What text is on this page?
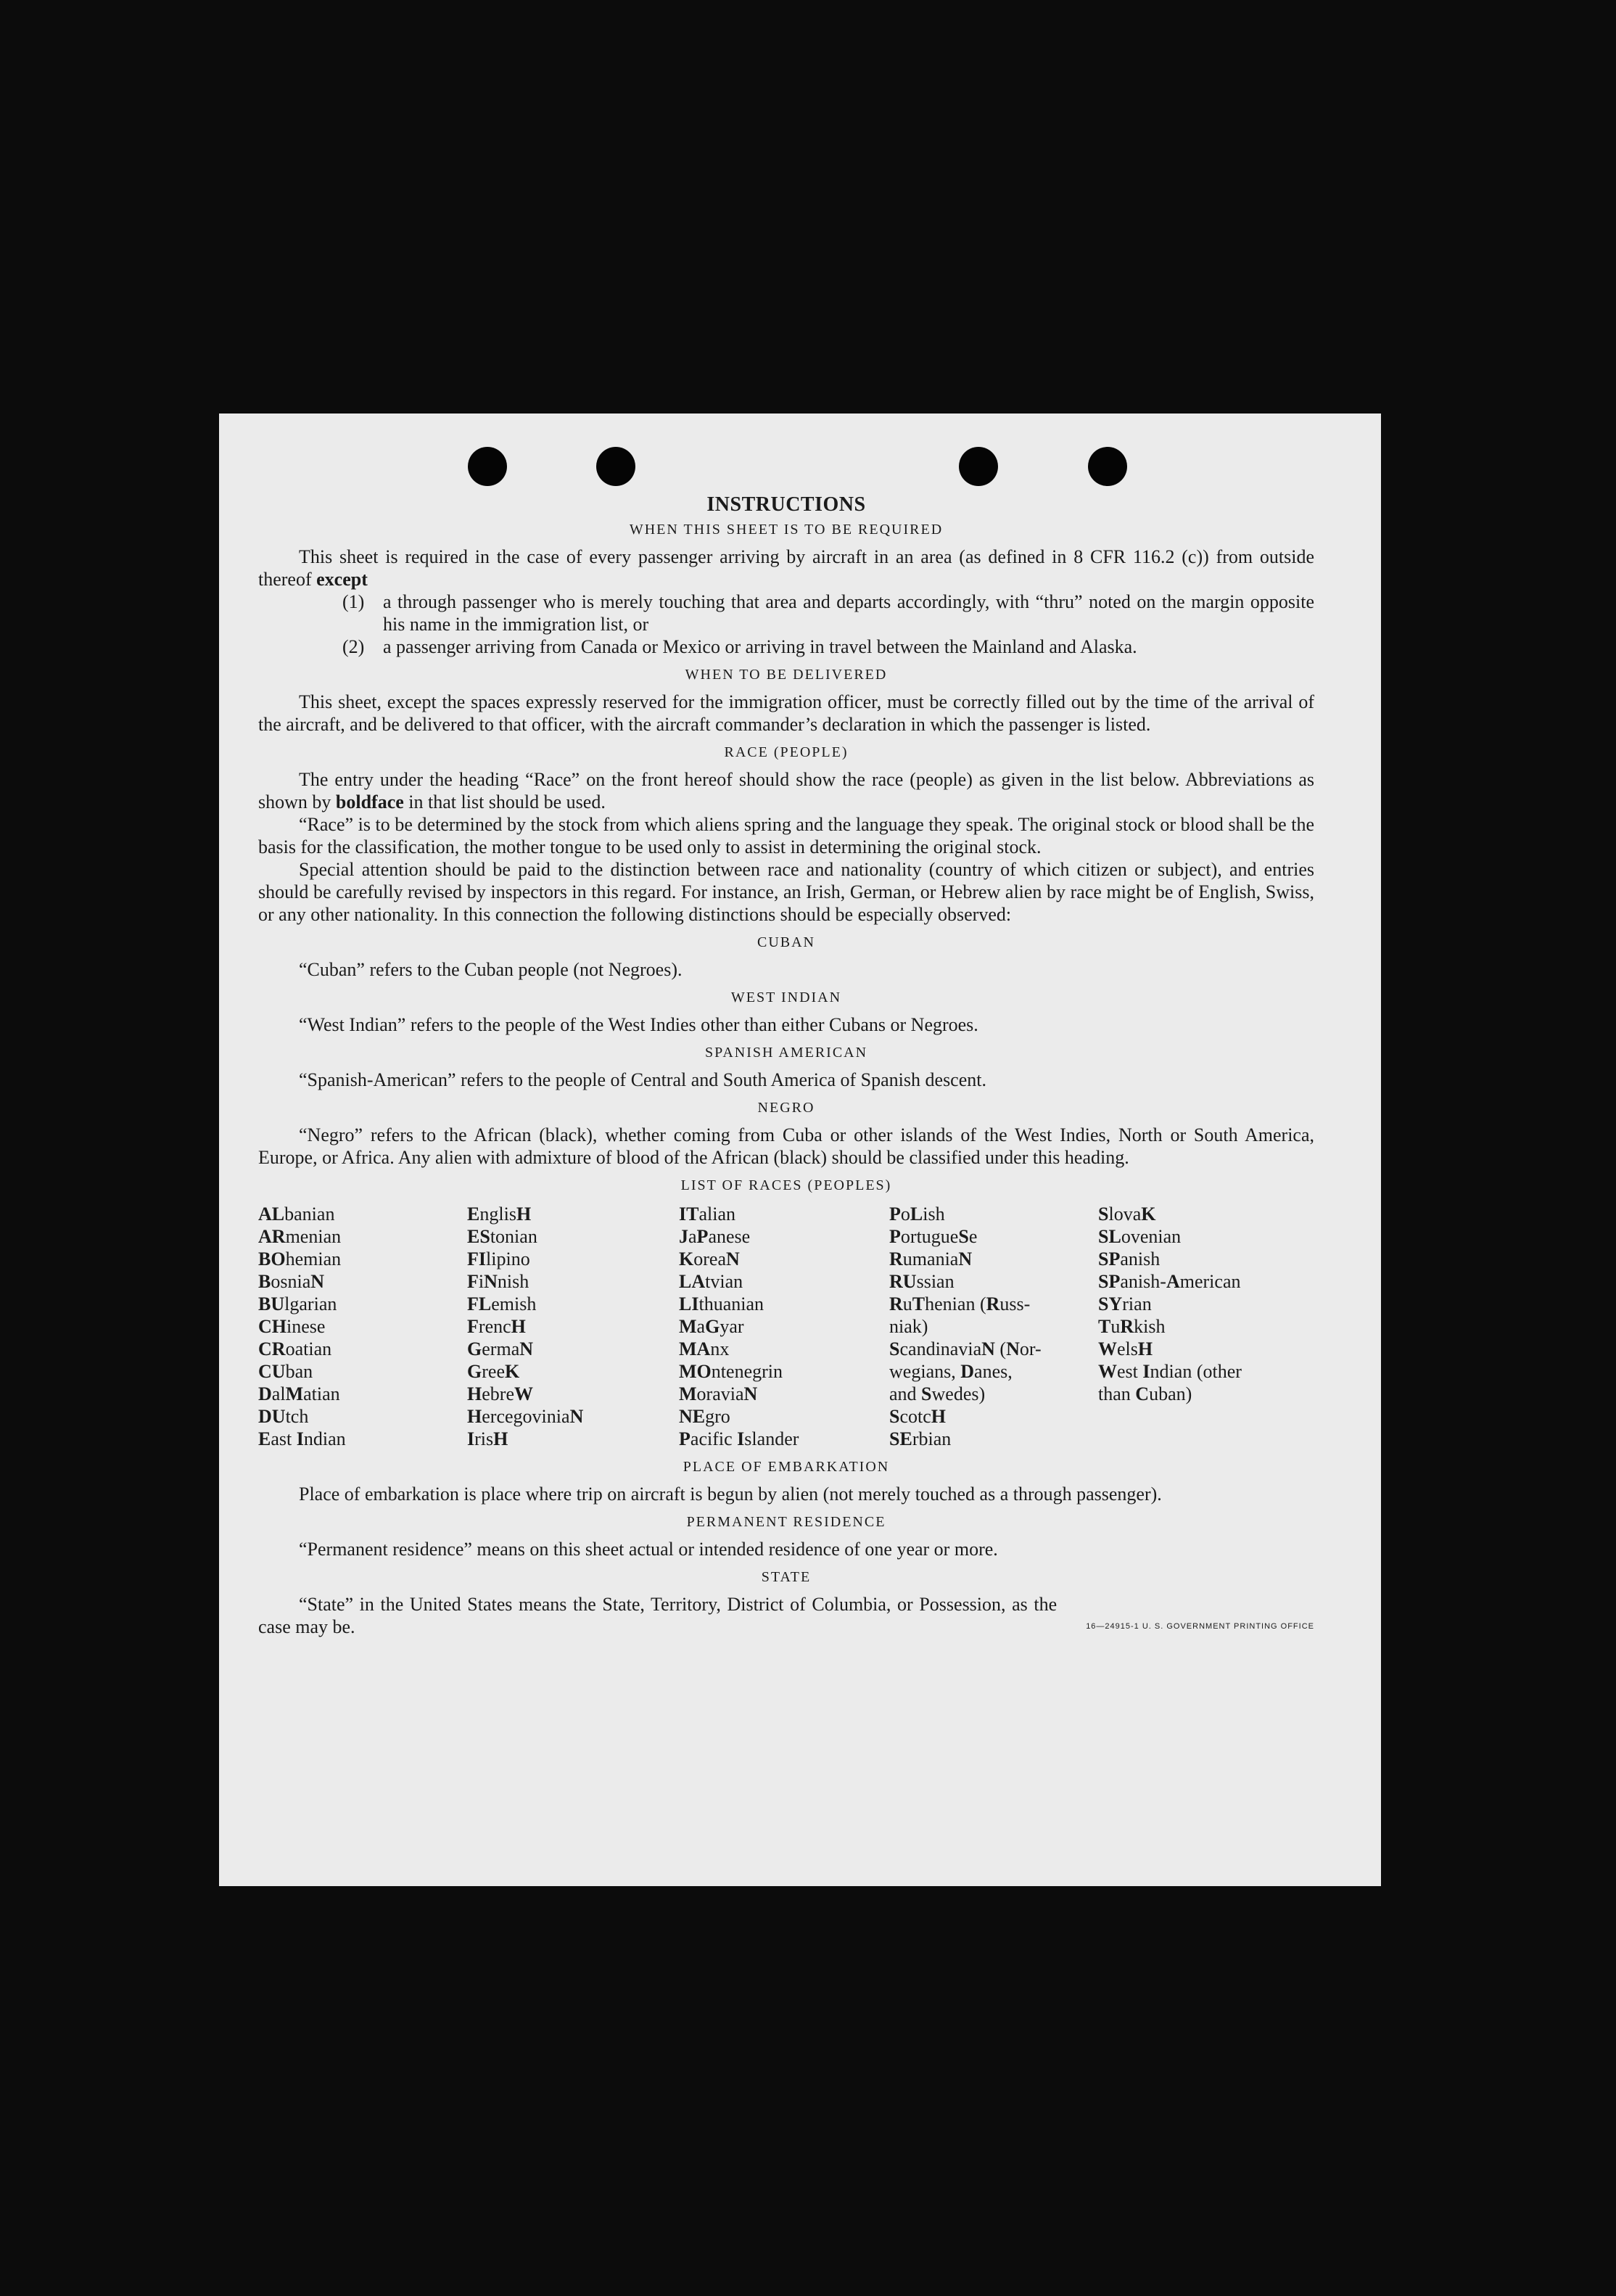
INSTRUCTIONS
WHEN THIS SHEET IS TO BE REQUIRED

This sheet is required in the case of every passenger arriving by aircraft in an area (as defined in 8 CFR 116.2 (c)) from outside thereof except

(1) a through passenger who is merely touching that area and departs accordingly, with “thru” noted on the margin opposite his name in the immigration list, or
(2) a passenger arriving from Canada or Mexico or arriving in travel between the Mainland and Alaska.
WHEN TO BE DELIVERED

This sheet, except the spaces expressly reserved for the immigration officer, must be correctly filled out by the time of the arrival of the aircraft, and be delivered to that officer, with the aircraft commander’s declaration in which the passenger is listed.

RACE (PEOPLE)

The entry under the heading “Race” on the front hereof should show the race (people) as given in the list below. Abbreviations as shown by boldface in that list should be used.

“Race” is to be determined by the stock from which aliens spring and the language they speak. The original stock or blood shall be the basis for the classification, the mother tongue to be used only to assist in determining the original stock.

Special attention should be paid to the distinction between race and nationality (country of which citizen or subject), and entries should be carefully revised by inspectors in this regard. For instance, an Irish, German, or Hebrew alien by race might be of English, Swiss, or any other nationality. In this connection the following distinctions should be especially observed:

CUBAN

“Cuban” refers to the Cuban people (not Negroes).

WEST INDIAN

“West Indian” refers to the people of the West Indies other than either Cubans or Negroes.

SPANISH AMERICAN

“Spanish-American” refers to the people of Central and South America of Spanish descent.

NEGRO

“Negro” refers to the African (black), whether coming from Cuba or other islands of the West Indies, North or South America, Europe, or Africa. Any alien with admixture of blood of the African (black) should be classified under this heading.

LIST OF RACES (PEOPLES)
ALbanian
ARmenian
BOhemian
BosniaN
BUlgarian
CHinese
CRoatian
CUban
DalMatian
DUtch
East Indian
EnglisH
EStonian
FIlipino
FiNnish
FLemish
FrencH
GermaN
GreeK
HebreW
HercegoviniaN
IrisH
ITalian
JaPanese
KoreaN
LAtvian
LIthuanian
MaGyar
MAnx
MOntenegrin
MoraviaN
NEgro
Pacific Islander
PoLish
PortugueSe
RumaniaN
RUssian
RuThenian (Russ-
niak)
ScandinaviaN (Nor-
wegians, Danes,
and Swedes)
ScotcH
SErbian
SlovaK
SLovenian
SPanish
SPanish-American
SYrian
TuRkish
WelsH
West Indian (other
than Cuban)
PLACE OF EMBARKATION

Place of embarkation is place where trip on aircraft is begun by alien (not merely touched as a through passenger).

PERMANENT RESIDENCE

“Permanent residence” means on this sheet actual or intended residence of one year or more.

STATE

“State” in the United States means the State, Territory, District of Columbia, or Possession, as the case may be.	16—24915-1 U. S. GOVERNMENT PRINTING OFFICE
